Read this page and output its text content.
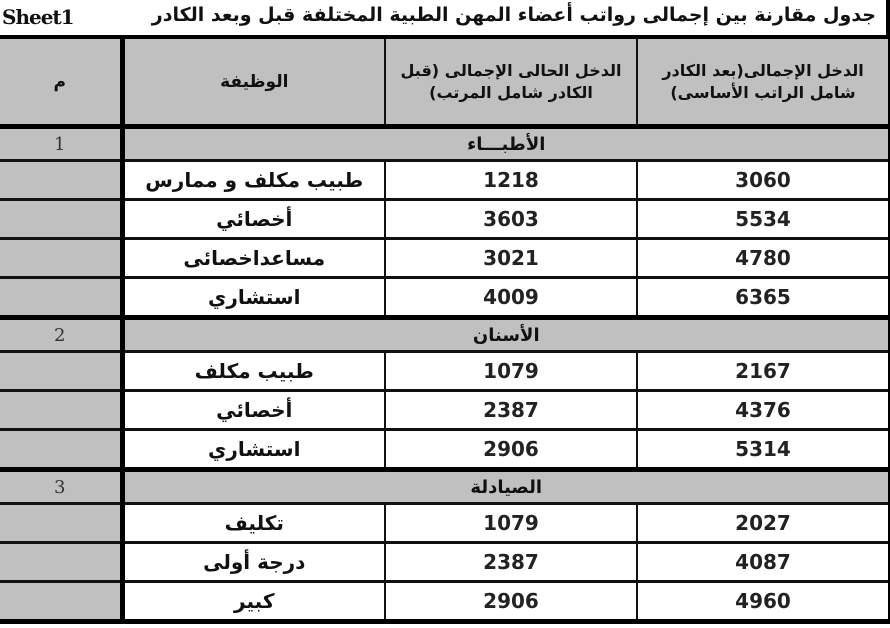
Sheet1	جدول مقارنة بين إجمالى رواتب أعضاء المهن الطبية المختلفة قبل وبعد الكادر
م	الوظيفة	الدخل الحالى الإجمالى (قبل الكادر شامل المرتب)	الدخل الإجمالى(بعد الكادر شامل الراتب الأساسى)
1	الأطبـــاء		
	طبيب مكلف و ممارس	1218	3060
	أخصائي	3603	5534
	مساعداخصائى	3021	4780
	استشاري	4009	6365
2	الأسنان		
	طبيب مكلف	1079	2167
	أخصائي	2387	4376
	استشاري	2906	5314
3	الصيادلة		
	تكليف	1079	2027
	درجة أولى	2387	4087
	كبير	2906	4960
